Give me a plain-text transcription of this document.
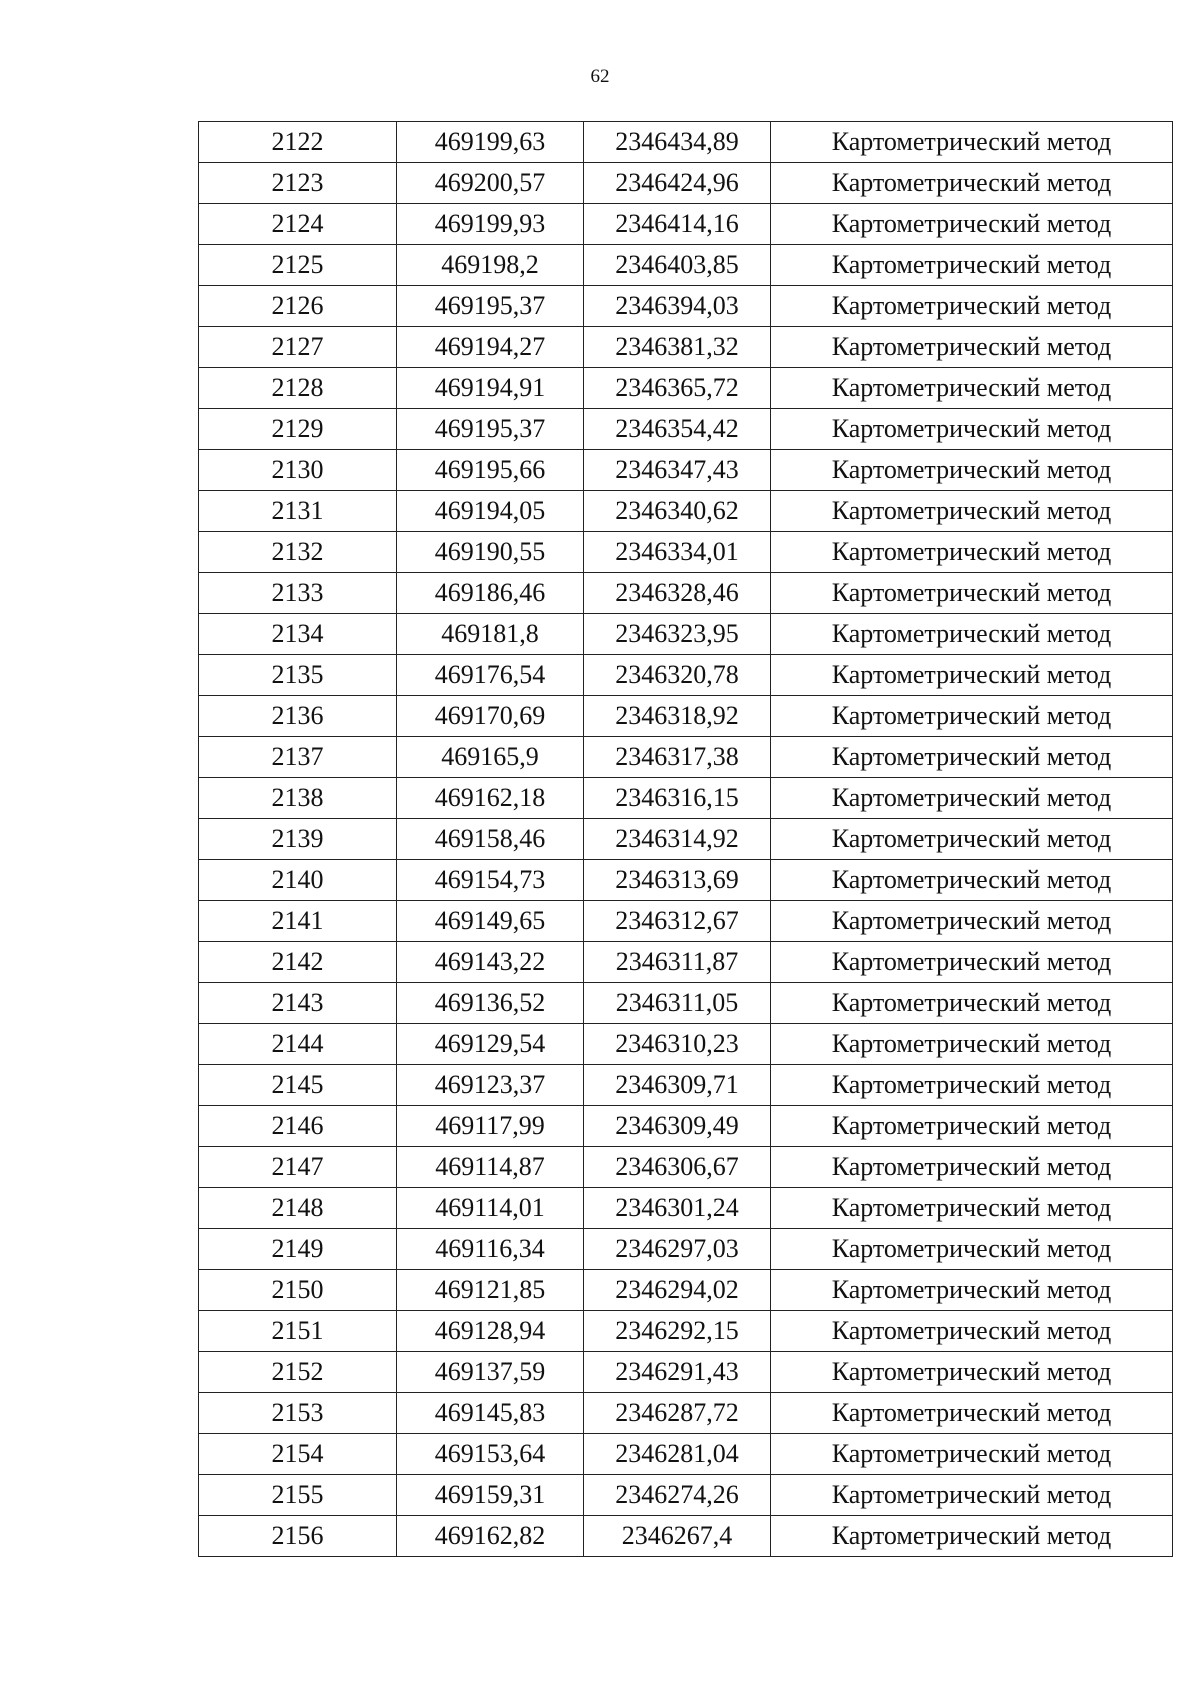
62
2122	469199,63	2346434,89	Картометрический метод
2123	469200,57	2346424,96	Картометрический метод
2124	469199,93	2346414,16	Картометрический метод
2125	469198,2	2346403,85	Картометрический метод
2126	469195,37	2346394,03	Картометрический метод
2127	469194,27	2346381,32	Картометрический метод
2128	469194,91	2346365,72	Картометрический метод
2129	469195,37	2346354,42	Картометрический метод
2130	469195,66	2346347,43	Картометрический метод
2131	469194,05	2346340,62	Картометрический метод
2132	469190,55	2346334,01	Картометрический метод
2133	469186,46	2346328,46	Картометрический метод
2134	469181,8	2346323,95	Картометрический метод
2135	469176,54	2346320,78	Картометрический метод
2136	469170,69	2346318,92	Картометрический метод
2137	469165,9	2346317,38	Картометрический метод
2138	469162,18	2346316,15	Картометрический метод
2139	469158,46	2346314,92	Картометрический метод
2140	469154,73	2346313,69	Картометрический метод
2141	469149,65	2346312,67	Картометрический метод
2142	469143,22	2346311,87	Картометрический метод
2143	469136,52	2346311,05	Картометрический метод
2144	469129,54	2346310,23	Картометрический метод
2145	469123,37	2346309,71	Картометрический метод
2146	469117,99	2346309,49	Картометрический метод
2147	469114,87	2346306,67	Картометрический метод
2148	469114,01	2346301,24	Картометрический метод
2149	469116,34	2346297,03	Картометрический метод
2150	469121,85	2346294,02	Картометрический метод
2151	469128,94	2346292,15	Картометрический метод
2152	469137,59	2346291,43	Картометрический метод
2153	469145,83	2346287,72	Картометрический метод
2154	469153,64	2346281,04	Картометрический метод
2155	469159,31	2346274,26	Картометрический метод
2156	469162,82	2346267,4	Картометрический метод
